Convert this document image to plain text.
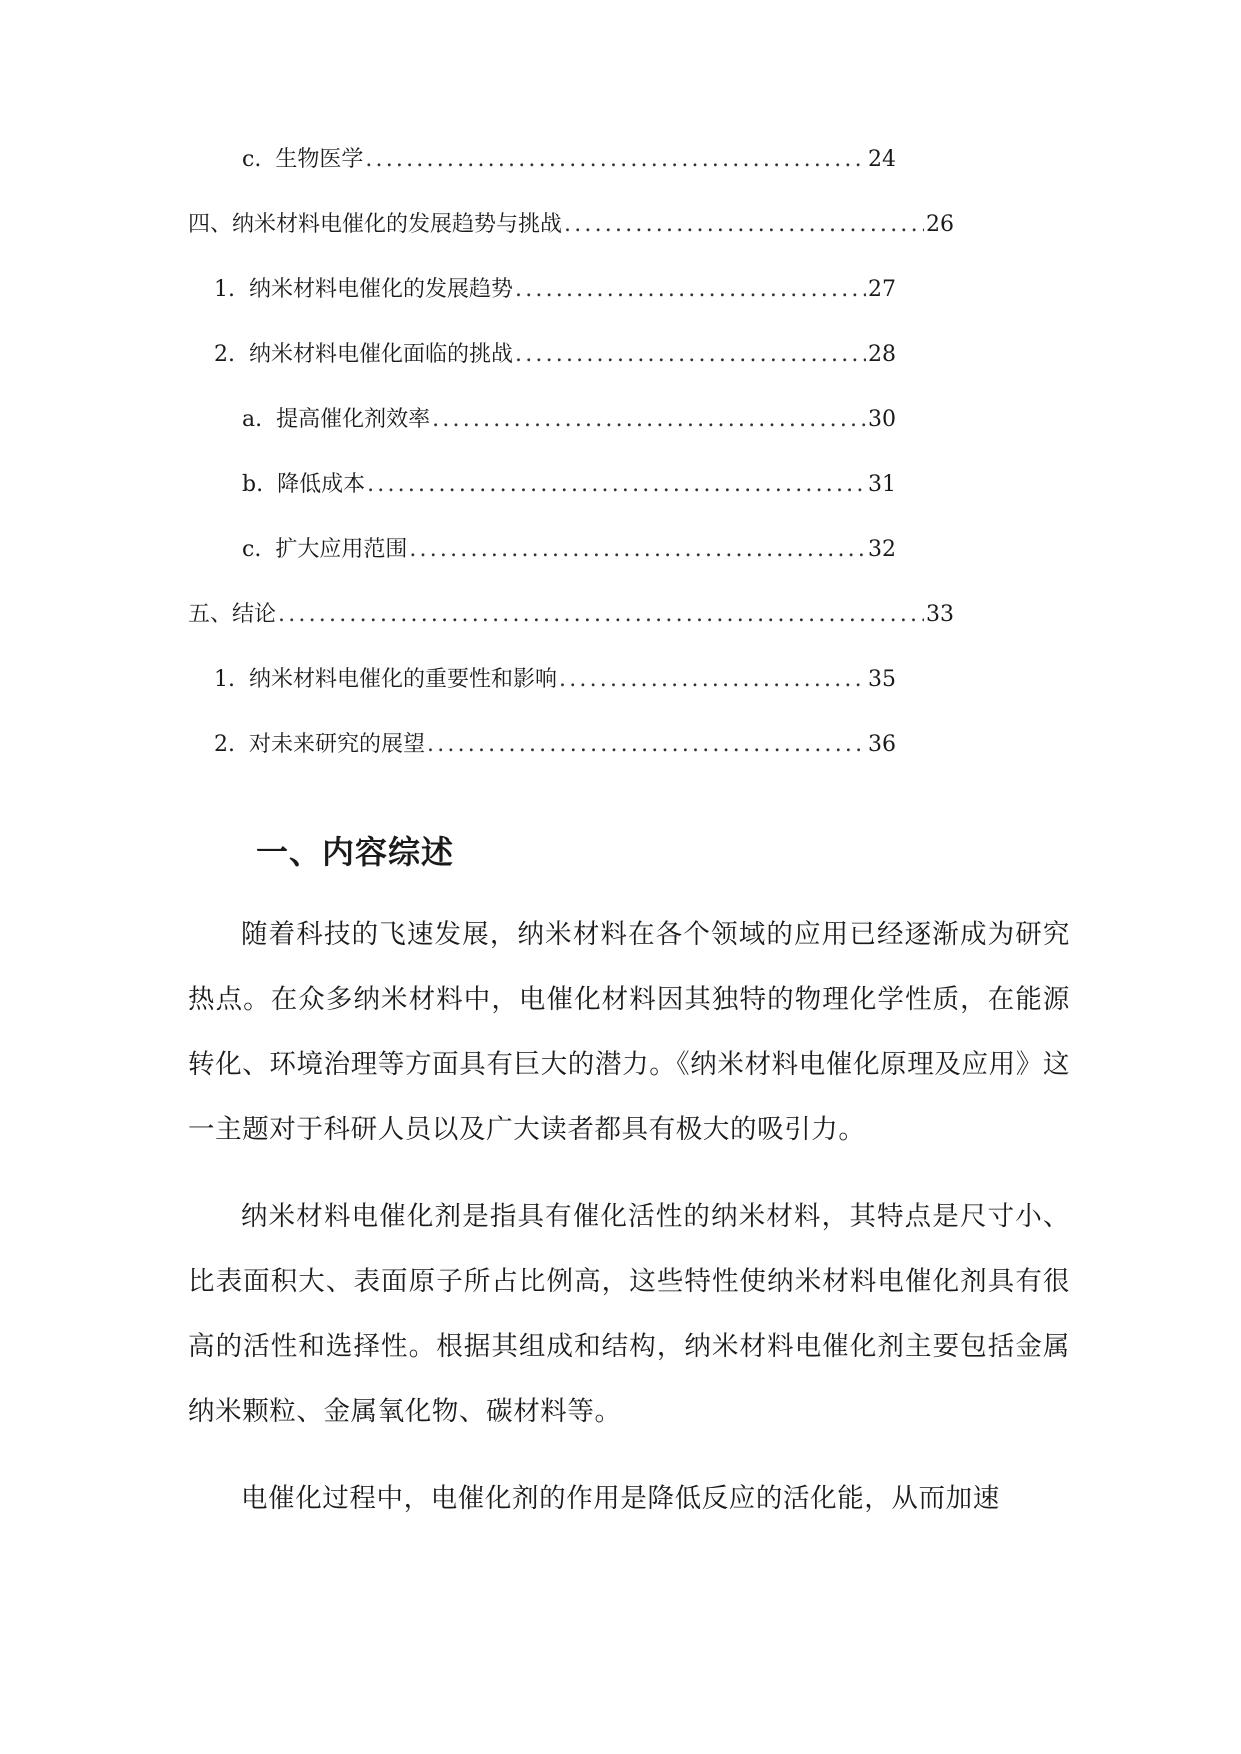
c. 生物医学 .....	24
四、 纳米材料电催化的发展趋势与挑战 .....	26
1. 纳米材料电催化的发展趋势 .....	27
2. 纳米材料电催化面临的挑战 .....	28
a. 提高催化剂效率 .....	30
b. 降低成本 .....	31
c. 扩大应用范围 .....	32
五、 结论 .....	33
1. 纳米材料电催化的重要性和影响 .....	35
2. 对未来研究的展望 .....	36
一、内容综述

随着科技的飞速发展，纳米材料在各个领域的应用已经逐渐成为研究热点。在众多纳米材料中，电催化材料因其独特的物理化学性质，在能源转化、环境治理等方面具有巨大的潜力。《纳米材料电催化原理及应用》这一主题对于科研人员以及广大读者都具有极大的吸引力。

纳米材料电催化剂是指具有催化活性的纳米材料，其特点是尺寸小、比表面积大、表面原子所占比例高，这些特性使纳米材料电催化剂具有很高的活性和选择性。根据其组成和结构，纳米材料电催化剂主要包括金属纳米颗粒、金属氧化物、碳材料等。

电催化过程中，电催化剂的作用是降低反应的活化能，从而加速
